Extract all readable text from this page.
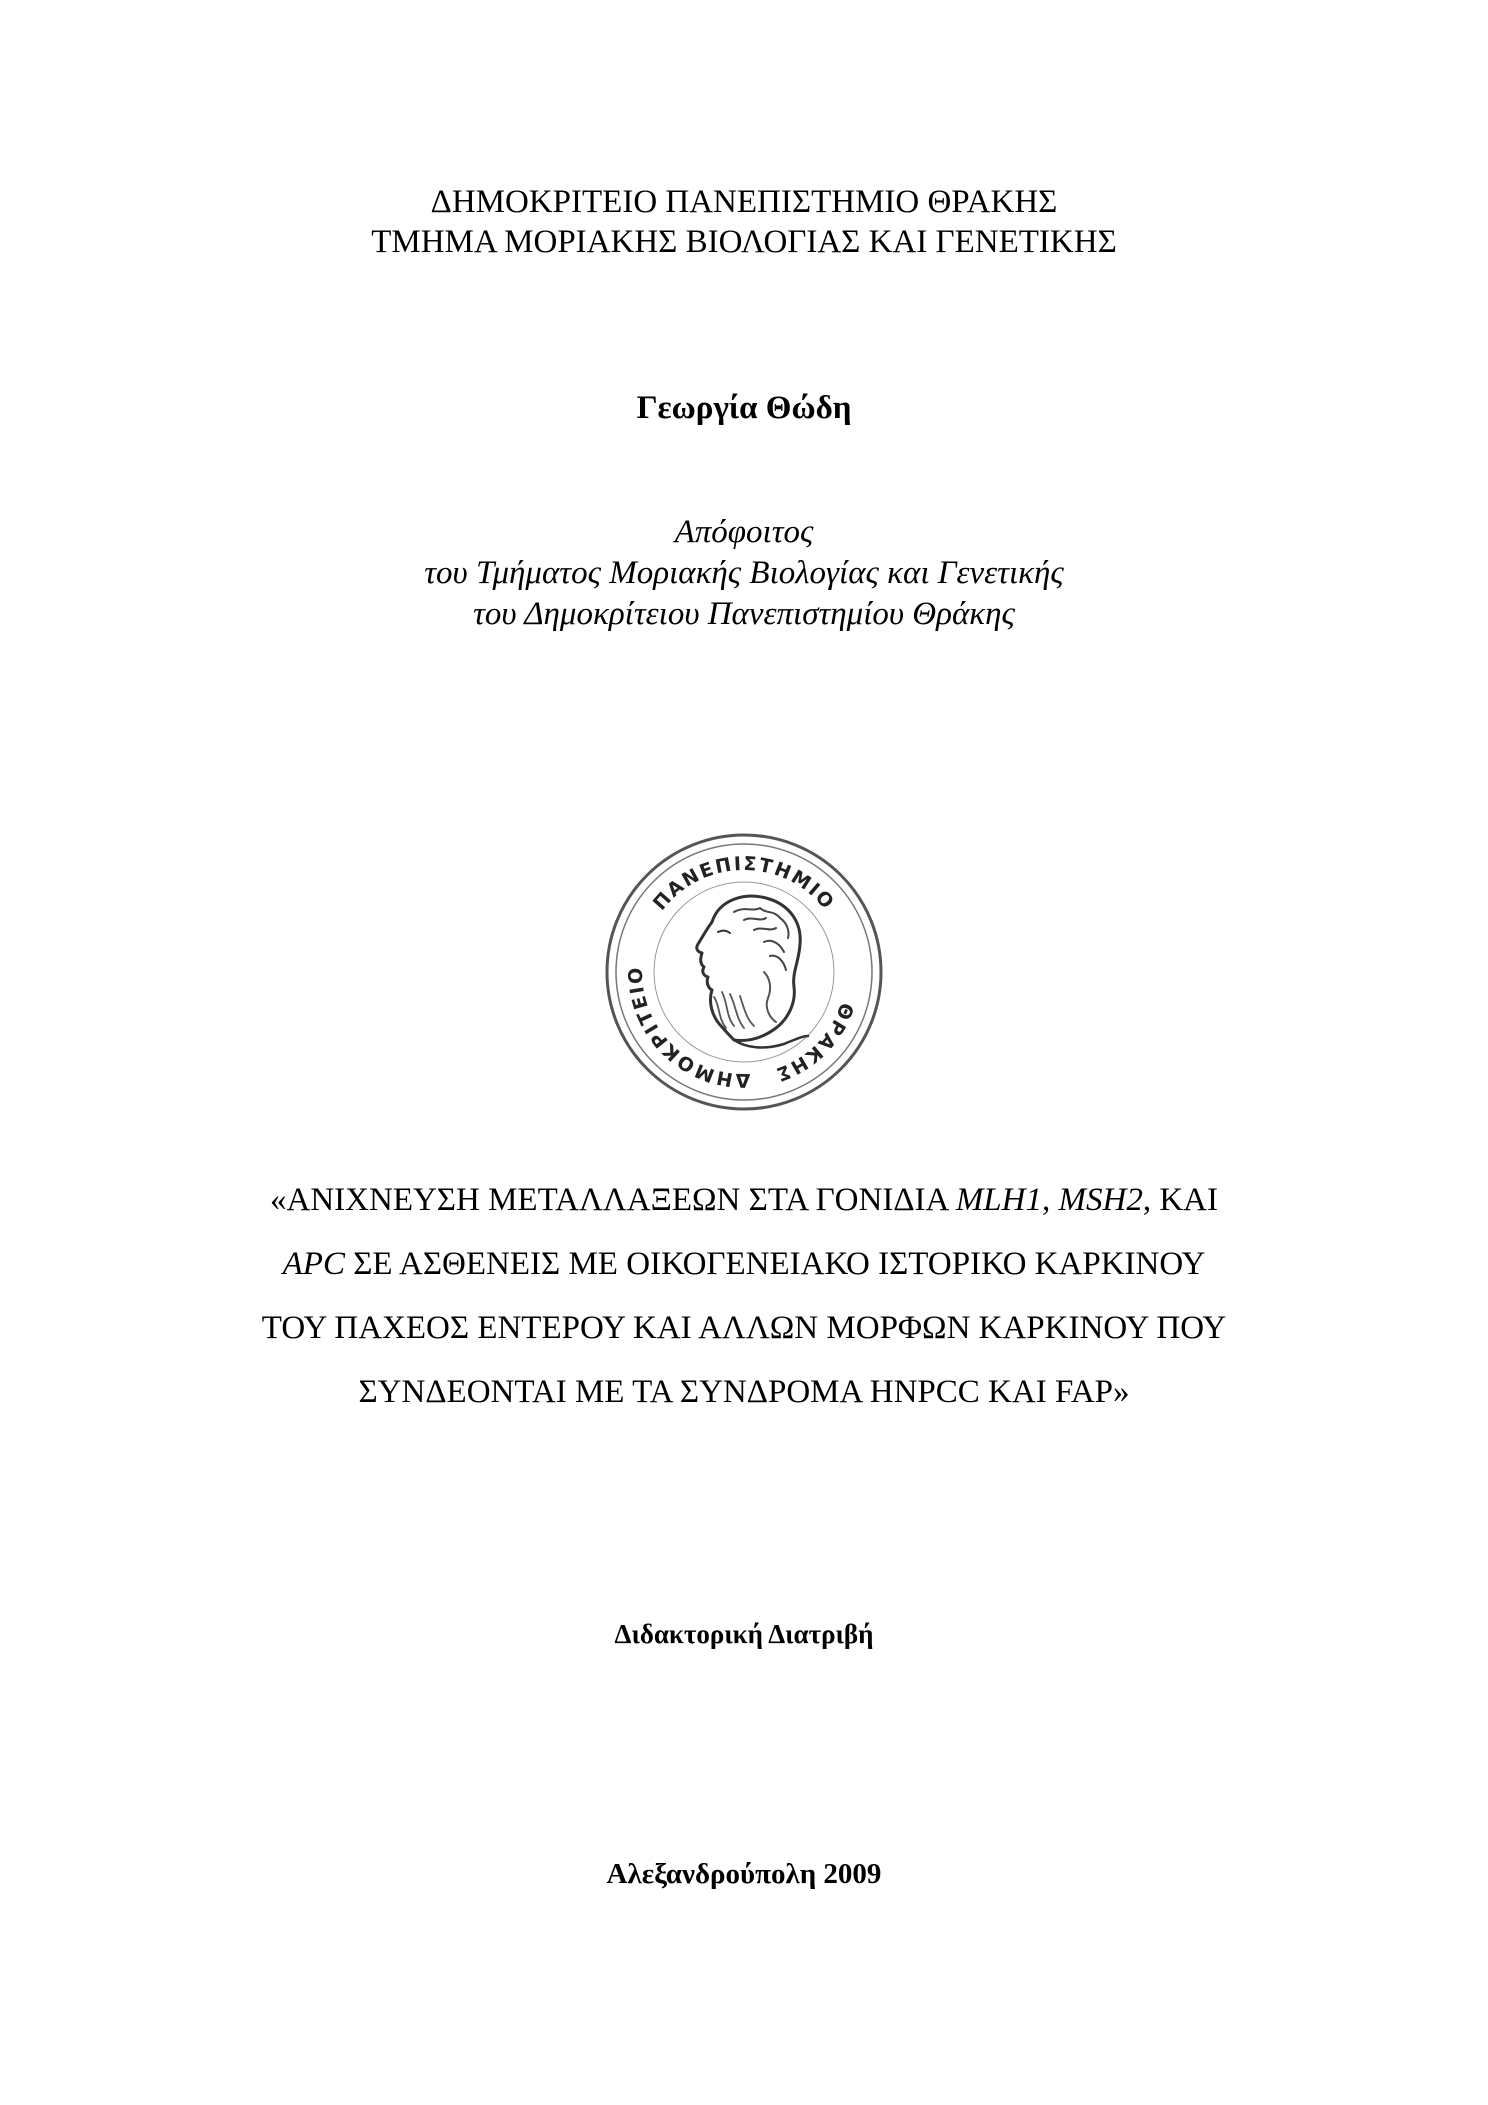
ΔΗΜΟΚΡΙΤΕΙΟ ΠΑΝΕΠΙΣΤΗΜΙΟ ΘΡΑΚΗΣ
ΤΜΗΜΑ ΜΟΡΙΑΚΗΣ ΒΙΟΛΟΓΙΑΣ ΚΑΙ ΓΕΝΕΤΙΚΗΣ
Γεωργία Θώδη
Απόφοιτος
του Τμήματος Μοριακής Βιολογίας και Γενετικής
του Δημοκρίτειου Πανεπιστημίου Θράκης
ΠΑΝΕΠΙΣΤΗΜΙΟ
ΔΗΜΟΚΡΙΤΕΙΟ
ΘΡΑΚΗΣ
«ΑΝΙΧΝΕΥΣΗ ΜΕΤΑΛΛΑΞΕΩΝ ΣΤΑ ΓΟΝΙΔΙΑ MLH1, MSH2, ΚΑΙ
APC ΣΕ ΑΣΘΕΝΕΙΣ ΜΕ ΟΙΚΟΓΕΝΕΙΑΚΟ ΙΣΤΟΡΙΚΟ ΚΑΡΚΙΝΟΥ
ΤΟΥ ΠΑΧΕΟΣ ΕΝΤΕΡΟΥ ΚΑΙ ΑΛΛΩΝ ΜΟΡΦΩΝ ΚΑΡΚΙΝΟΥ ΠΟΥ
ΣΥΝΔΕΟΝΤΑΙ ΜΕ ΤΑ ΣΥΝΔΡΟΜΑ HNPCC ΚΑΙ FAP»
Διδακτορική Διατριβή
Αλεξανδρούπολη 2009
